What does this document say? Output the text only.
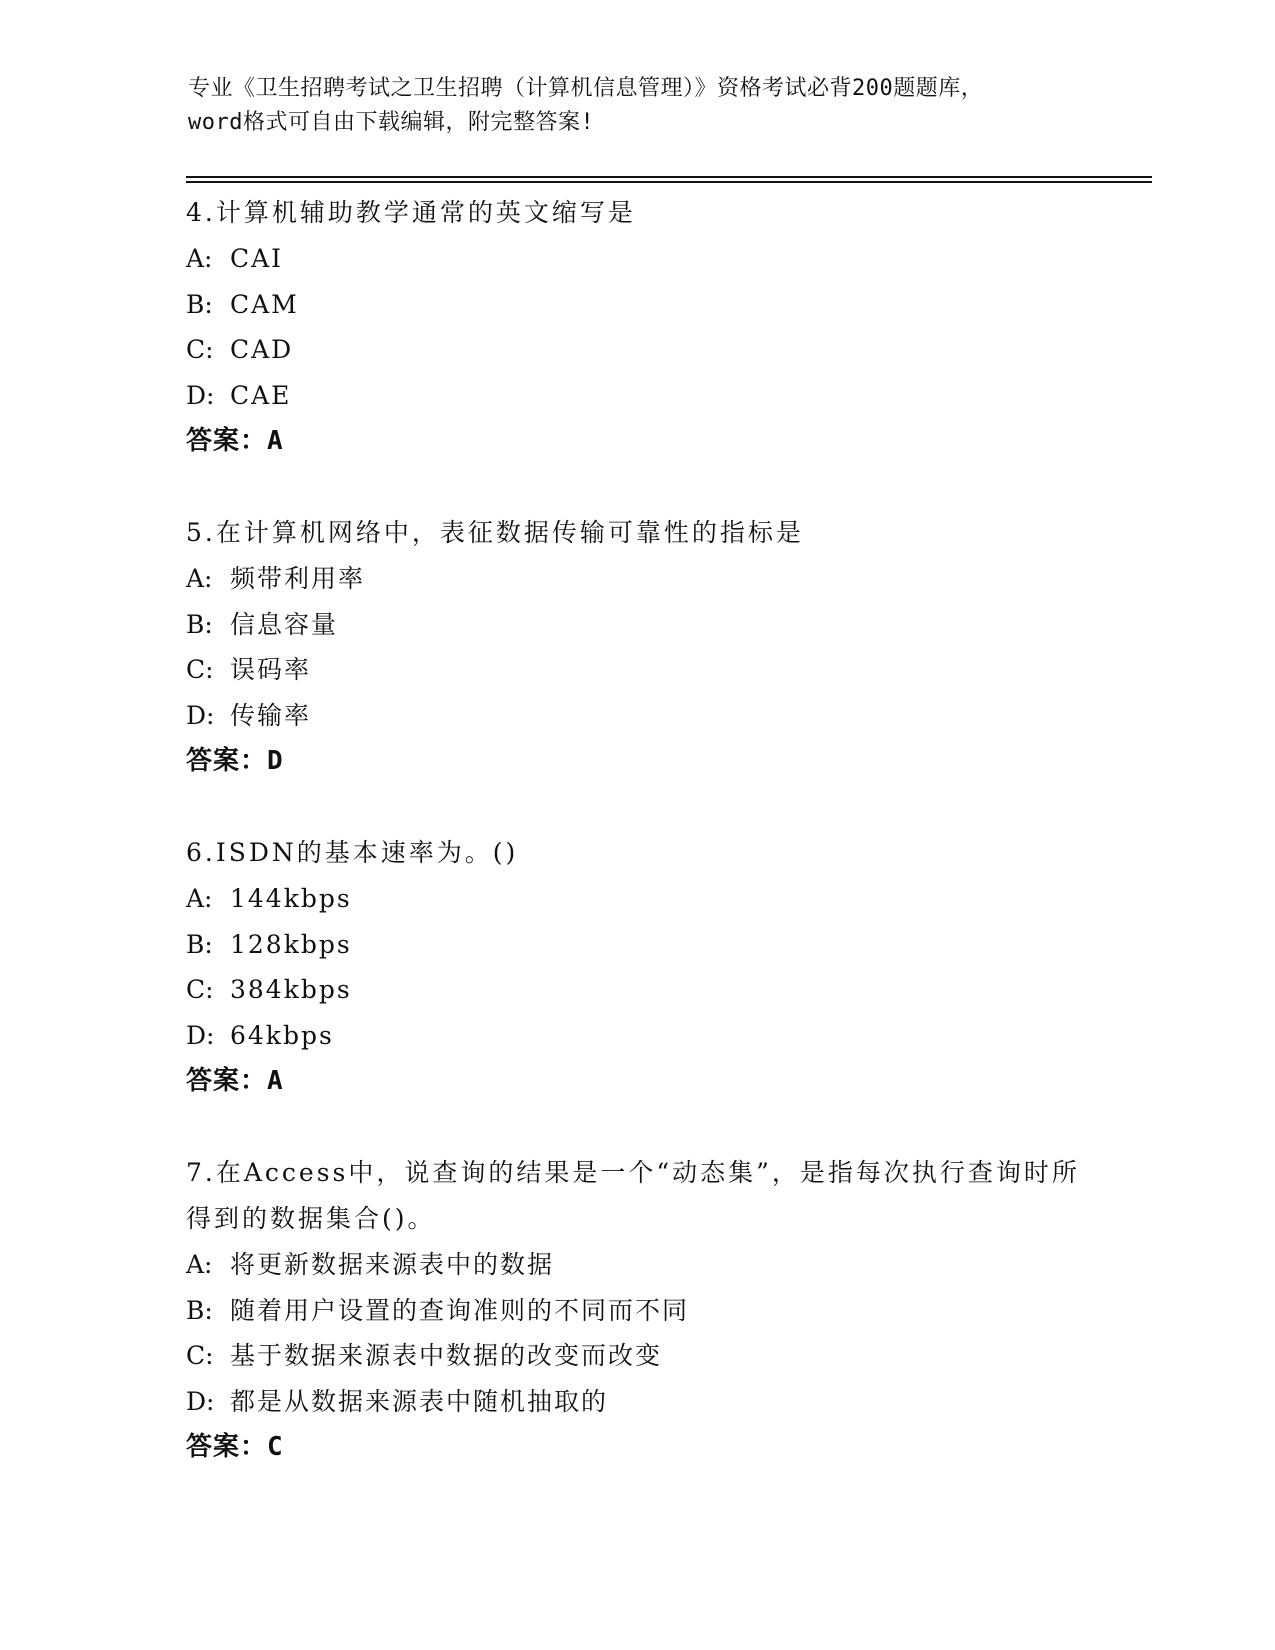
专业《卫生招聘考试之卫生招聘（计算机信息管理）》资格考试必背200题题库，
word格式可自由下载编辑，附完整答案!

4.计算机辅助教学通常的英文缩写是

A: CAI
B: CAM
C: CAD
D: CAE
答案：A

5.在计算机网络中，表征数据传输可靠性的指标是

A: 频带利用率
B: 信息容量
C: 误码率
D: 传输率
答案：D

6.ISDN的基本速率为。()

A: 144kbps
B: 128kbps
C: 384kbps
D: 64kbps
答案：A

7.在Access中，说查询的结果是一个“动态集”，是指每次执行查询时所得到的数据集合()。

A: 将更新数据来源表中的数据
B: 随着用户设置的查询准则的不同而不同
C: 基于数据来源表中数据的改变而改变
D: 都是从数据来源表中随机抽取的
答案：C
